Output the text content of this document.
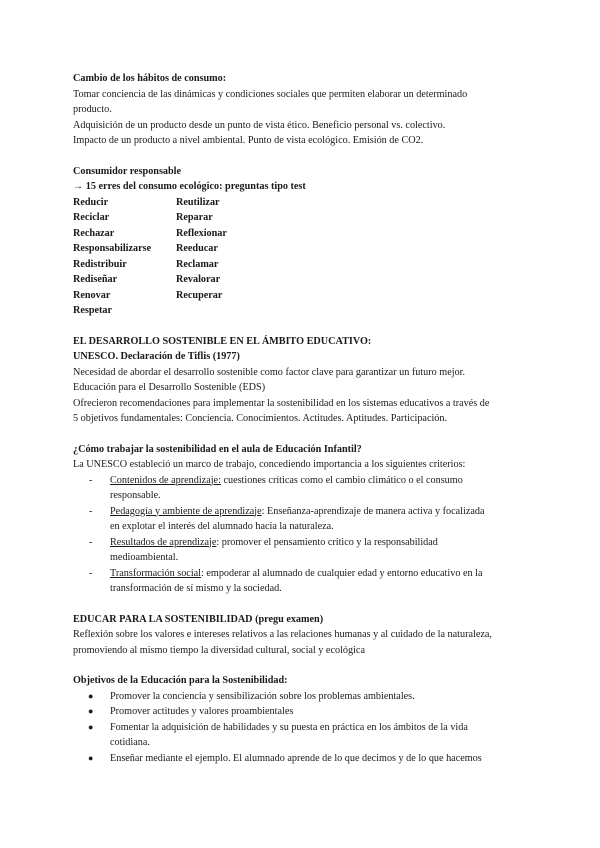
Cambio de los hábitos de consumo:
Tomar conciencia de las dinámicas y condiciones sociales que permiten elaborar un determinado
producto.
Adquisición de un producto desde un punto de vista ético. Beneficio personal vs. colectivo.
Impacto de un producto a nivel ambiental. Punto de vista ecológico. Emisión de CO2.
Consumidor responsable
→ 15 erres del consumo ecológico: preguntas tipo test
Reducir	Reutilizar
Reciclar	Reparar
Rechazar	Reflexionar
Responsabilizarse	Reeducar
Redistribuir	Reclamar
Rediseñar	Revalorar
Renovar	Recuperar
Respetar
EL DESARROLLO SOSTENIBLE EN EL ÁMBITO EDUCATIVO:
UNESCO. Declaración de Tiflis (1977)
Necesidad de abordar el desarrollo sostenible como factor clave para garantizar un futuro mejor.
Educación para el Desarrollo Sostenible (EDS)
Ofrecieron recomendaciones para implementar la sostenibilidad en los sistemas educativos a través de
5 objetivos fundamentales: Conciencia. Conocimientos. Actitudes. Aptitudes. Participación.
¿Cómo trabajar la sostenibilidad en el aula de Educación Infantil?
La UNESCO estableció un marco de trabajo, concediendo importancia a los siguientes criterios:
- Contenidos de aprendizaje: cuestiones críticas como el cambio climático o el consumo
responsable.
- Pedagogía y ambiente de aprendizaje: Enseñanza-aprendizaje de manera activa y focalizada
en explotar el interés del alumnado hacia la naturaleza.
- Resultados de aprendizaje: promover el pensamiento crítico y la responsabilidad
medioambiental.
- Transformación social: empoderar al alumnado de cualquier edad y entorno educativo en la
transformación de sí mismo y la sociedad.
EDUCAR PARA LA SOSTENIBILIDAD (pregu examen)
Reflexión sobre los valores e intereses relativos a las relaciones humanas y al cuidado de la naturaleza,
promoviendo al mismo tiempo la diversidad cultural, social y ecológica
Objetivos de la Educación para la Sostenibilidad:
● Promover la conciencia y sensibilización sobre los problemas ambientales.
● Promover actitudes y valores proambientales
● Fomentar la adquisición de habilidades y su puesta en práctica en los ámbitos de la vida
cotidiana.
● Enseñar mediante el ejemplo. El alumnado aprende de lo que decimos y de lo que hacemos
